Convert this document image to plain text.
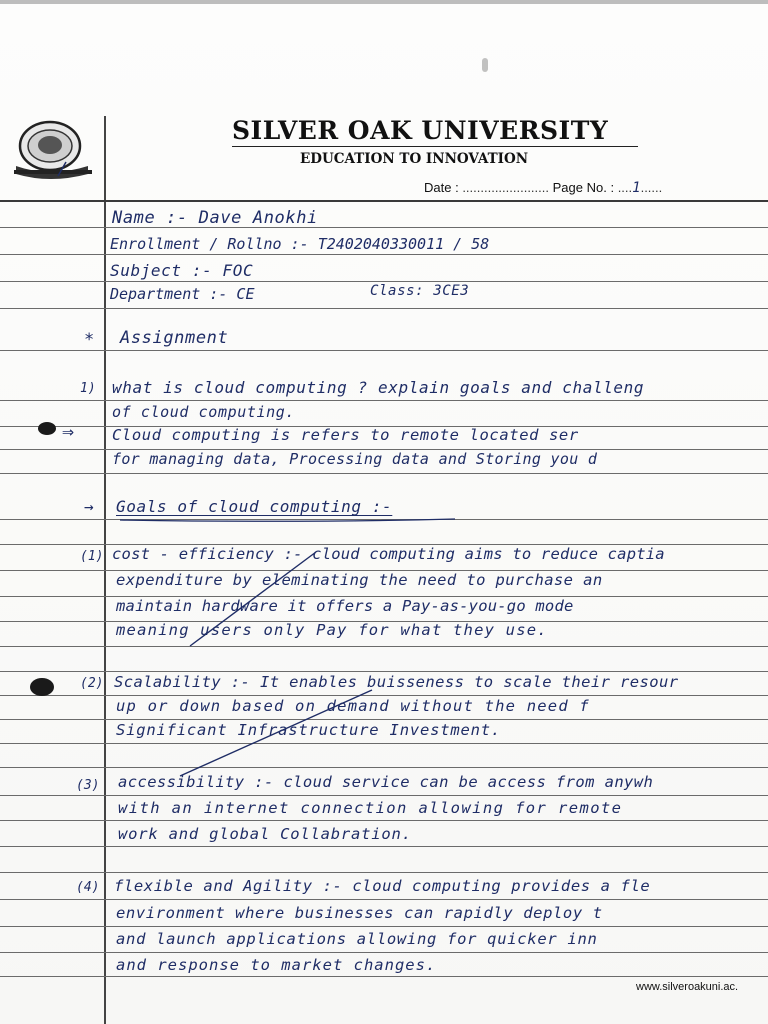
SILVER OAK UNIVERSITY
EDUCATION TO INNOVATION
Date : ........................ Page No. : ....1......
Name :- Dave Anokhi
Enrollment / Rollno :- T2402040330011 / 58
Subject :- FOC
Department :- CE	Class: 3CE3
* Assignment
1) what is cloud computing ? explain goals and challeng
of cloud computing.
⇒ Cloud computing is refers to remote located ser
for managing data, Processing data and Storing you d
→ Goals of cloud computing :-
(1) cost - efficiency :- cloud computing aims to reduce captia
expenditure by eleminating the need to purchase an
maintain hardware it offers a Pay-as-you-go mode
meaning users only Pay for what they use.
(2) Scalability :- It enables buisseness to scale their resour
up or down based on demand without the need f
Significant Infrastructure Investment.
(3) accessibility :- cloud service can be access from anywh
with an internet connection allowing for remote
work and global Collabration.
(4) flexible and Agility :- cloud computing provides a fle
environment where businesses can rapidly deploy t
and launch applications allowing for quicker inn
and response to market changes.
www.silveroakuni.ac.
